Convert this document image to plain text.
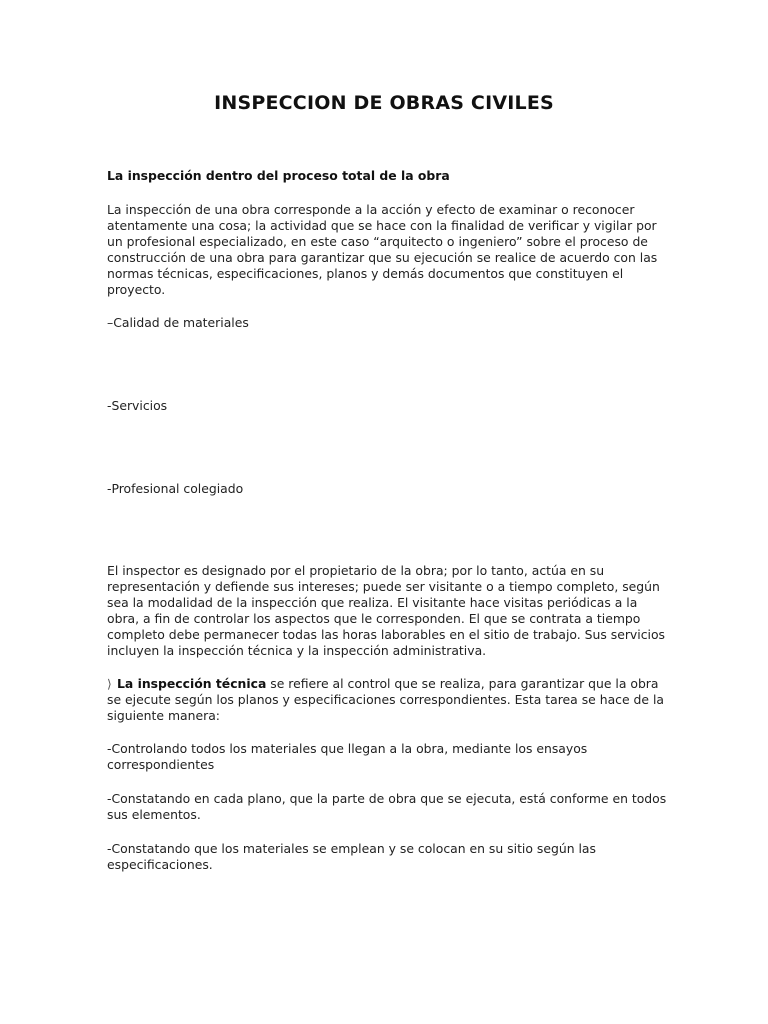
INSPECCION DE OBRAS CIVILES
La inspección dentro del proceso total de la obra
La inspección de una obra corresponde a la acción y efecto de examinar o reconocer atentamente una cosa; la actividad que se hace con la finalidad de verificar y vigilar por un profesional especializado, en este caso “arquitecto o ingeniero” sobre el proceso de construcción de una obra para garantizar que su ejecución se realice de acuerdo con las normas técnicas, especificaciones, planos y demás documentos que constituyen el proyecto.
–Calidad de materiales
-Servicios
-Profesional colegiado
El inspector es designado por el propietario de la obra; por lo tanto, actúa en su representación y defiende sus intereses; puede ser visitante o a tiempo completo, según sea la modalidad de la inspección que realiza. El visitante hace visitas periódicas a la obra, a fin de controlar los aspectos que le corresponden. El que se contrata a tiempo completo debe permanecer todas las horas laborables en el sitio de trabajo. Sus servicios incluyen la inspección técnica y la inspección administrativa.
⟩ La inspección técnica se refiere al control que se realiza, para garantizar que la obra se ejecute según los planos y especificaciones correspondientes. Esta tarea se hace de la siguiente manera:
-Controlando todos los materiales que llegan a la obra, mediante los ensayos correspondientes
-Constatando en cada plano, que la parte de obra que se ejecuta, está conforme en todos sus elementos.
-Constatando que los materiales se emplean y se colocan en su sitio según las especificaciones.
